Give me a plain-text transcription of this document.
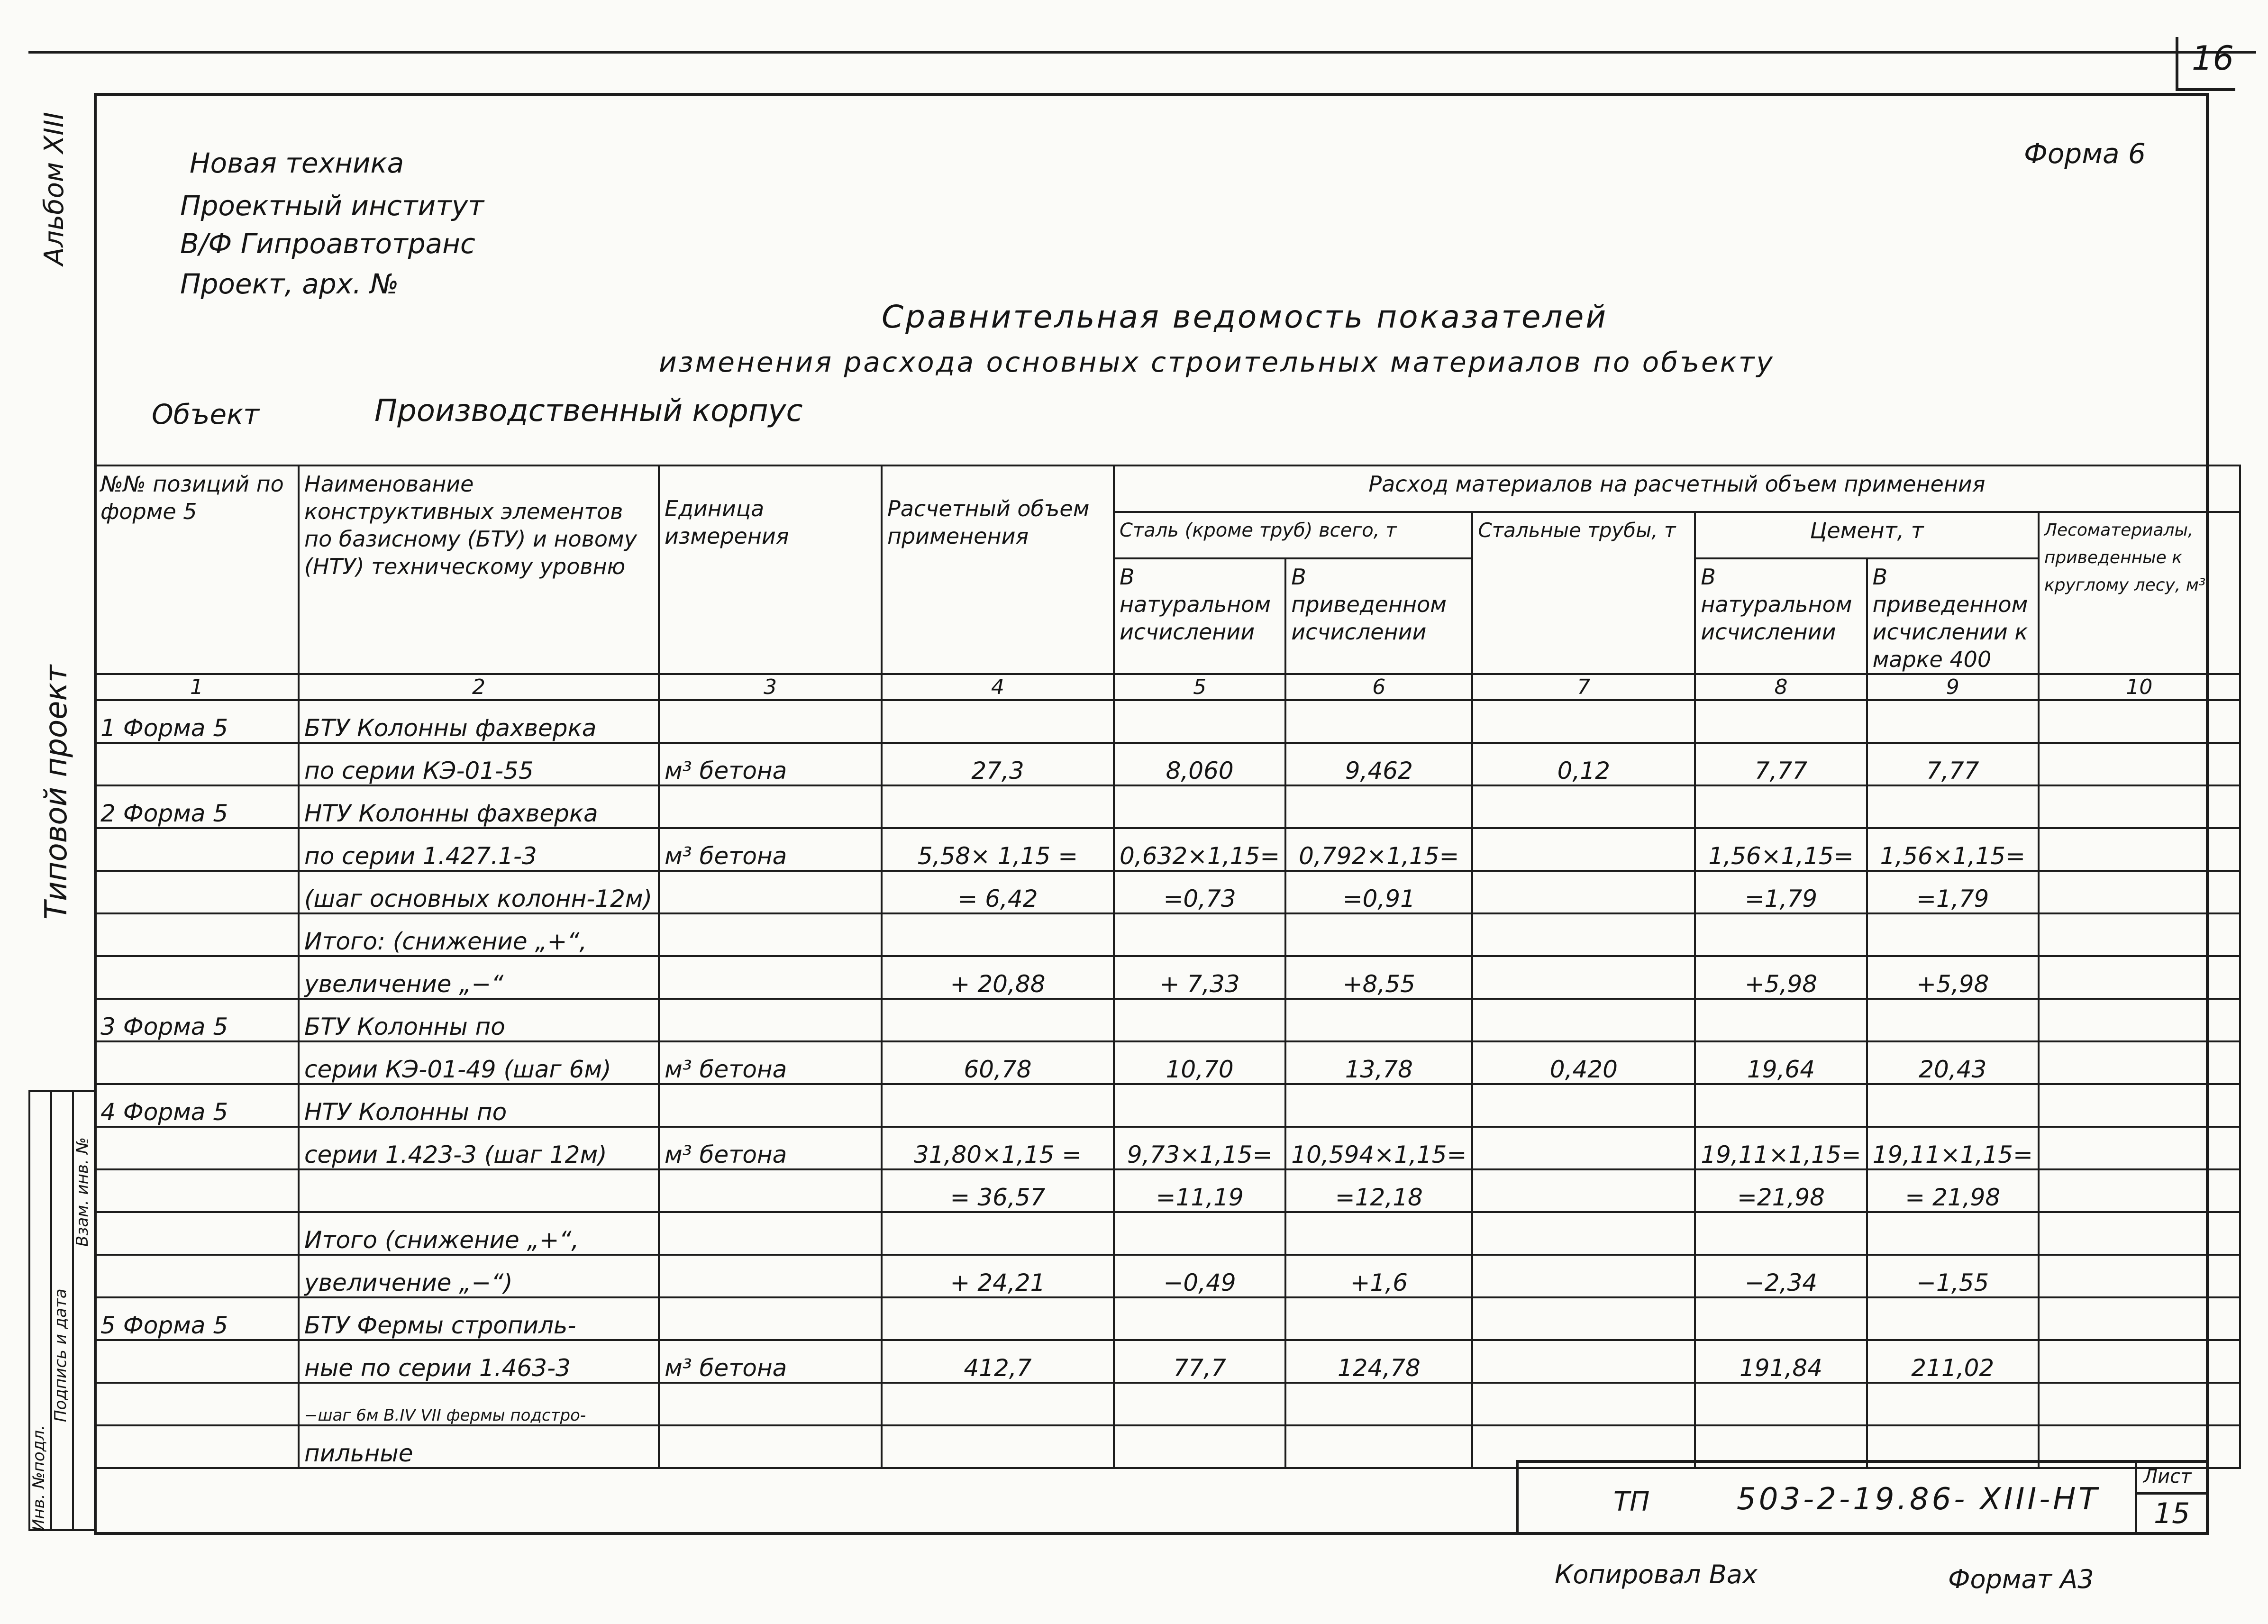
16
Альбом XIII
Типовой проект
Инв. №подл.
Подпись и дата
Взам. инв. №
Новая техника
Проектный институт
В/Ф Гипроавтотранс
Проект, арх. №
Форма 6
Сравнительная ведомость показателей
изменения расхода основных строительных материалов по объекту
Объект	Производственный корпус
№№ позиций по форме 5	Наименование конструктивных элементов по базисному (БТУ) и новому (НТУ) техническому уровню	Единица измерения	Расчетный объем применения	Расход материалов на расчетный объем применения					
				Сталь (кроме труб) всего, т		Стальные трубы, т	Цемент, т		Лесоматериалы, приведенные к круглому лесу, м³
				В натуральном исчислении	В приведенном исчислении		В натуральном исчислении	В приведенном исчислении к марке 400	
1	2	3	4	5	6	7	8	9	10
1 Форма 5	БТУ Колонны фахверка								
	по серии КЭ-01-55	м³ бетона	27,3	8,060	9,462	0,12	7,77	7,77	
2 Форма 5	НТУ Колонны фахверка								
	по серии 1.427.1-3	м³ бетона	5,58× 1,15 =	0,632×1,15=	0,792×1,15=		1,56×1,15=	1,56×1,15=	
	(шаг основных колонн-12м)		= 6,42	=0,73	=0,91		=1,79	=1,79	
	Итого: (снижение „+“,								
	увеличение „−“		+ 20,88	+ 7,33	+8,55		+5,98	+5,98	
3 Форма 5	БТУ Колонны по								
	серии КЭ-01-49 (шаг 6м)	м³ бетона	60,78	10,70	13,78	0,420	19,64	20,43	
4 Форма 5	НТУ Колонны по								
	серии 1.423-3 (шаг 12м)	м³ бетона	31,80×1,15 =	9,73×1,15=	10,594×1,15=		19,11×1,15=	19,11×1,15=	
			= 36,57	=11,19	=12,18		=21,98	= 21,98	
	Итого (снижение „+“,								
	увеличение „−“)		+ 24,21	−0,49	+1,6		−2,34	−1,55	
5 Форма 5	БТУ Фермы стропиль-								
	ные по серии 1.463-3	м³ бетона	412,7	77,7	124,78		191,84	211,02	
	−шаг 6м B.IV VII фермы подстро-								
	пильные								
ТП	503-2-19.86- XIII-НТ
Лист
15
Копировал Вах	Формат А3
